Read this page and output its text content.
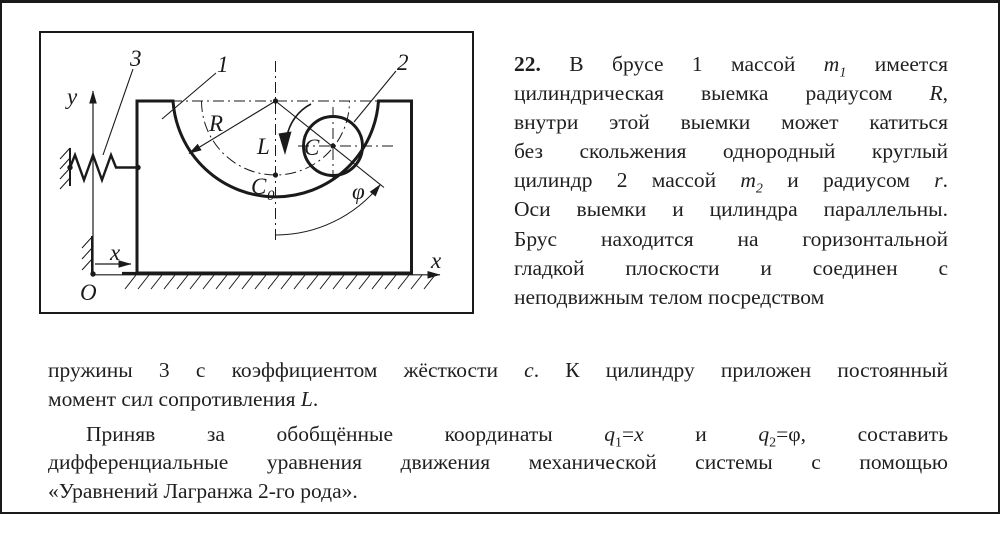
3	1	2
y
x
x
O
R
L C
C 0	φ
22. В брусе 1 массой $m_1$ имеется
цилиндрическая выемка радиусом R,
внутри этой выемки может катиться
без скольжения однородный круглый
цилиндр 2 массой $m_2$ и радиусом r.
Оси выемки и цилиндра параллельны.
Брус находится на горизонтальной
гладкой плоскости и соединен с
неподвижным телом посредством
пружины 3 с коэффициентом жёсткости c. К цилиндру приложен постоянный
момент сил сопротивления L.
Приняв за обобщённые координаты $q_1=x$ и $q_2=\varphi$, составить
дифференциальные уравнения движения механической системы с помощью
«Уравнений Лагранжа 2-го рода».
